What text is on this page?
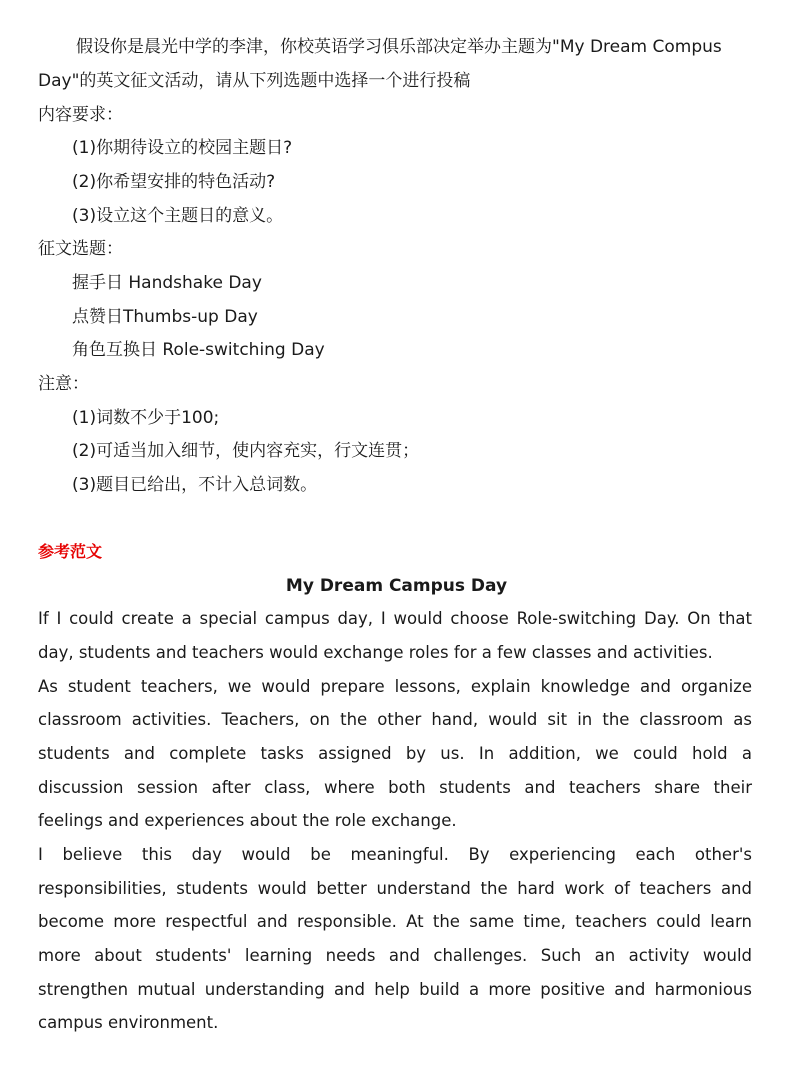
假设你是晨光中学的李津，你校英语学习俱乐部决定举办主题为"My Dream Compus
Day"的英文征文活动，请从下列选题中选择一个进行投稿
内容要求：
(1)你期待设立的校园主题日?
(2)你希望安排的特色活动?
(3)设立这个主题日的意义。
征文选题：
握手日 Handshake Day
点赞日Thumbs-up Day
角色互换日 Role-switching Day
注意：
(1)词数不少于100;
(2)可适当加入细节，使内容充实，行文连贯；
(3)题目已给出，不计入总词数。
参考范文
My Dream Campus Day
If I could create a special campus day, I would choose Role-switching Day. On that
day, students and teachers would exchange roles for a few classes and activities.
As student teachers, we would prepare lessons, explain knowledge and organize
classroom activities. Teachers, on the other hand, would sit in the classroom as
students and complete tasks assigned by us. In addition, we could hold a
discussion session after class, where both students and teachers share their
feelings and experiences about the role exchange.
I believe this day would be meaningful. By experiencing each other's
responsibilities, students would better understand the hard work of teachers and
become more respectful and responsible. At the same time, teachers could learn
more about students' learning needs and challenges. Such an activity would
strengthen mutual understanding and help build a more positive and harmonious
campus environment.
